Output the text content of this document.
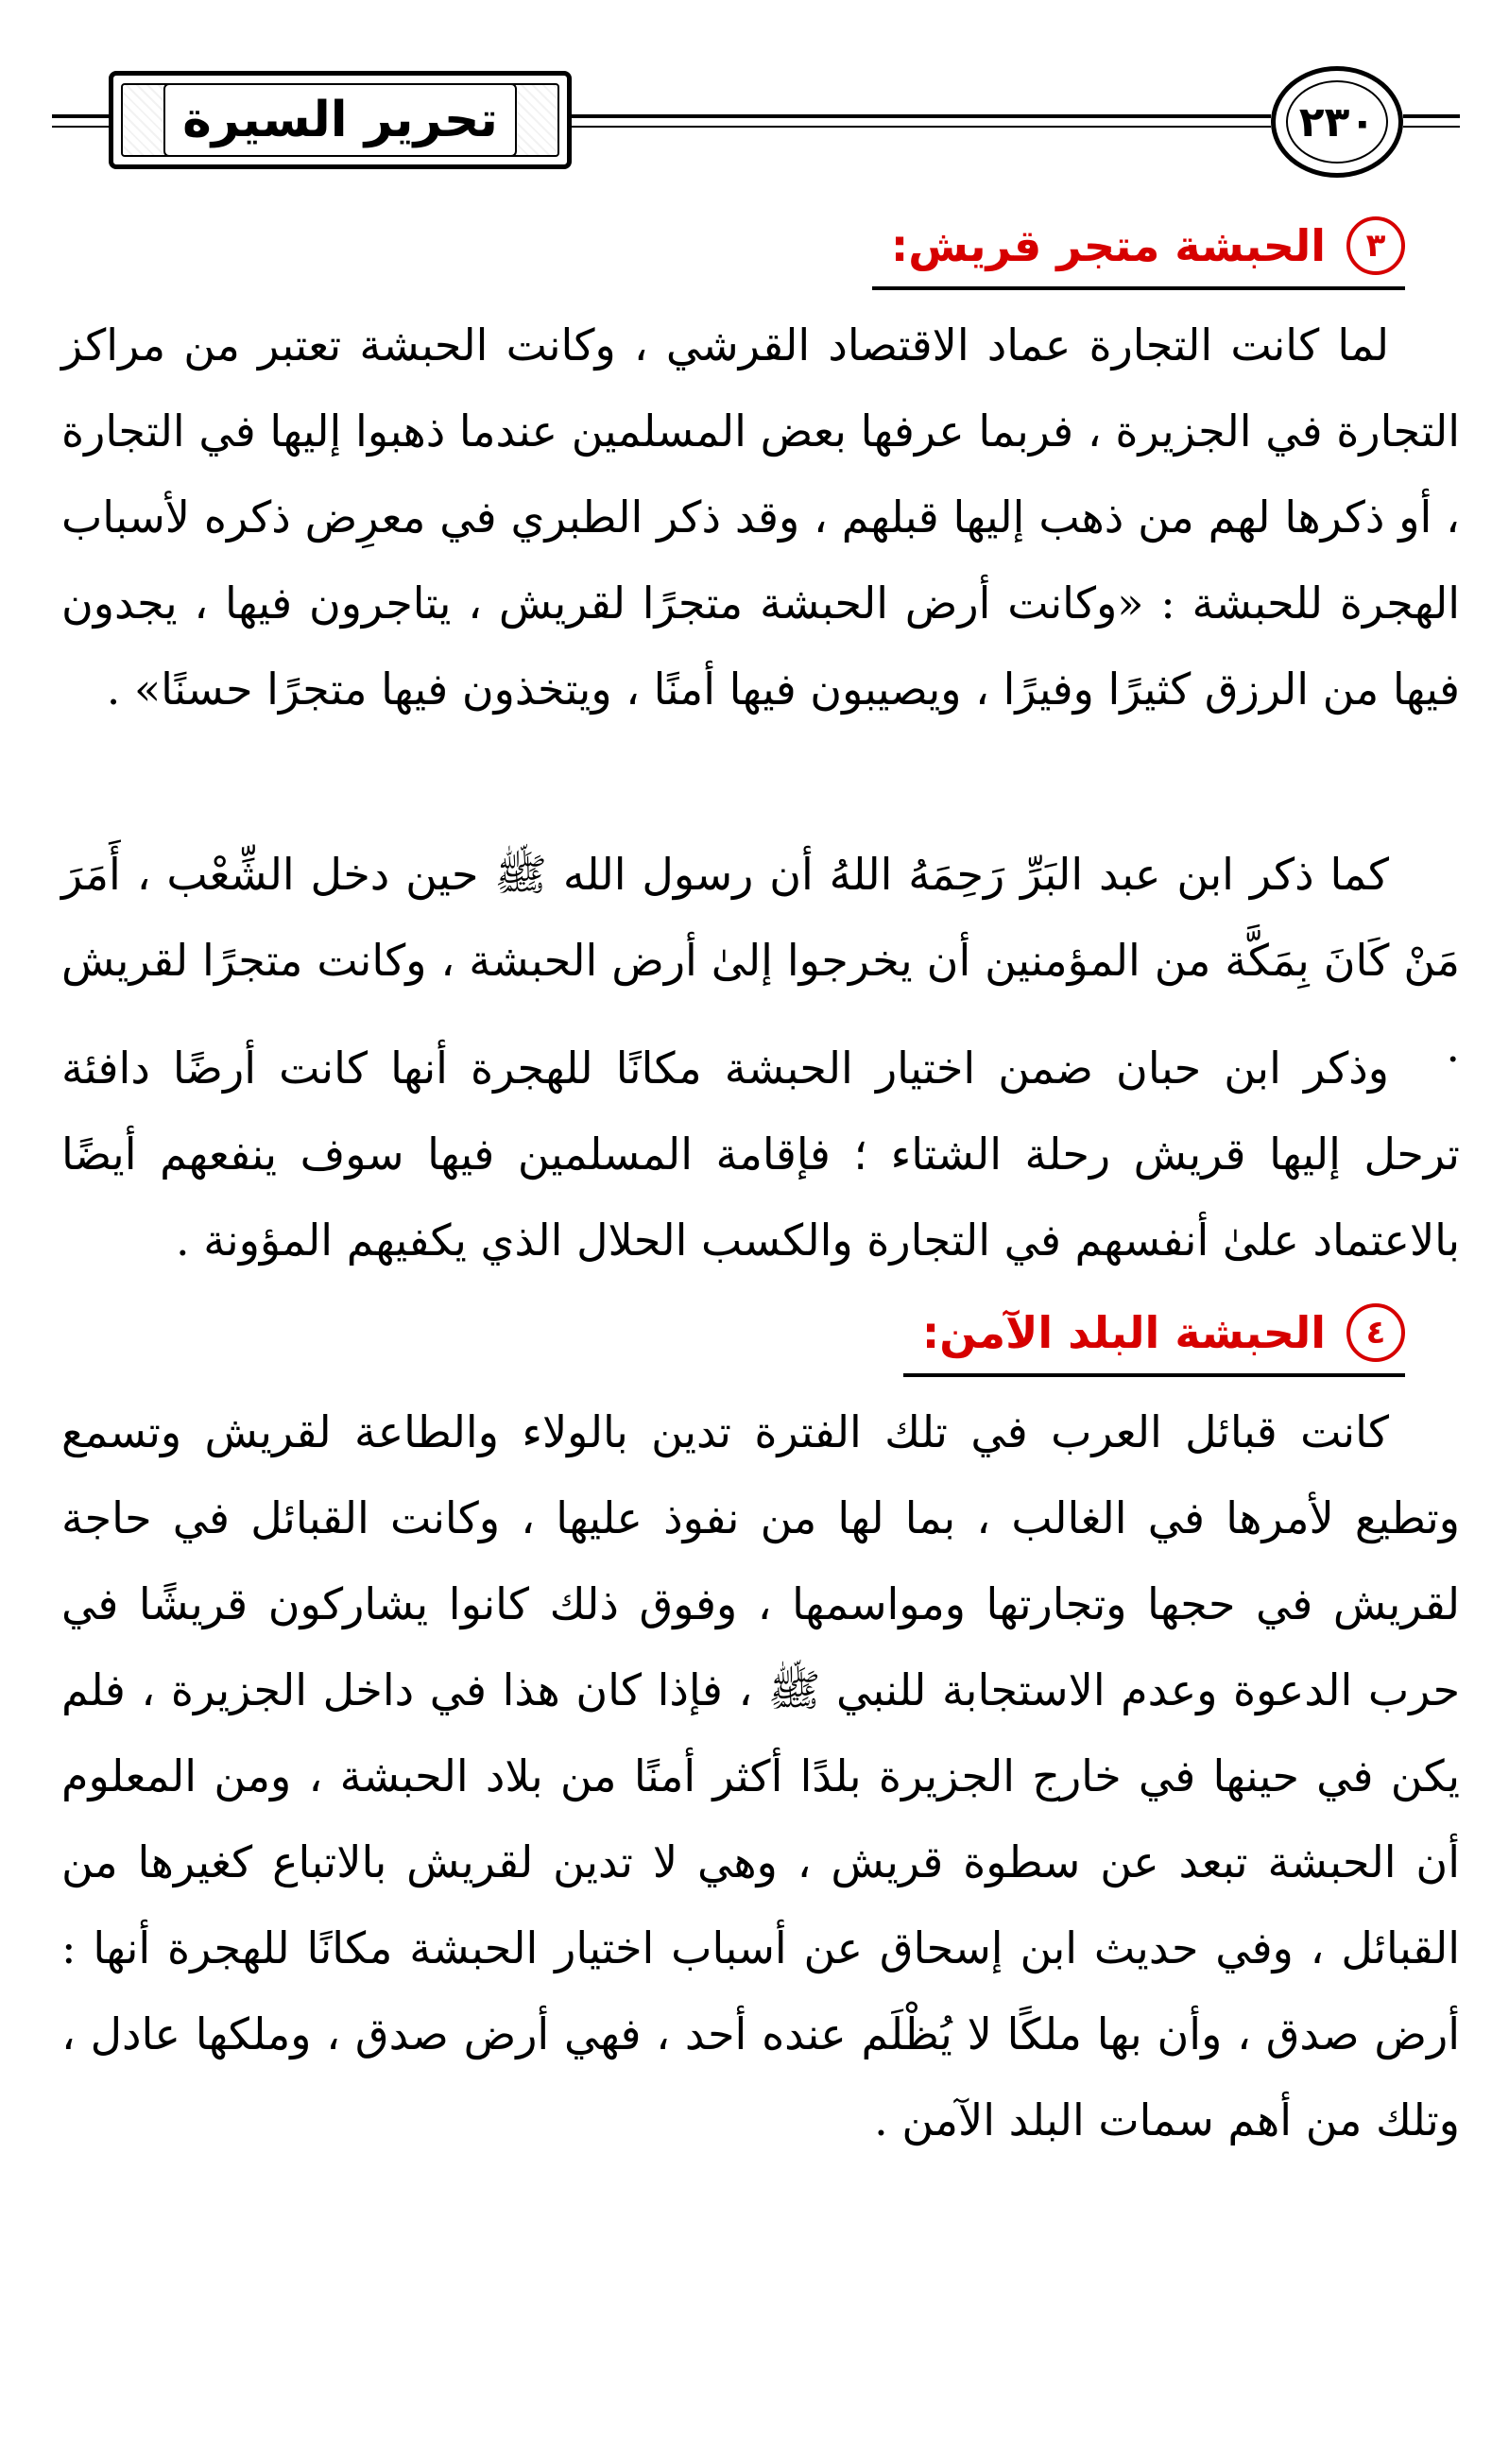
تحرير السيرة	٢٣٠
٣
الحبشة متجر قريش:

لما كانت التجارة عماد الاقتصاد القرشي ، وكانت الحبشة تعتبر من مراكز التجارة في الجزيرة ، فربما عرفها بعض المسلمين عندما ذهبوا إليها في التجارة ، أو ذكرها لهم من ذهب إليها قبلهم ، وقد ذكر الطبري في معرِض ذكره لأسباب الهجرة للحبشة : «وكانت أرض الحبشة متجرًا لقريش ، يتاجرون فيها ، يجدون فيها من الرزق كثيرًا وفيرًا ، ويصيبون فيها أمنًا ، ويتخذون فيها متجرًا حسنًا» .

كما ذكر ابن عبد البَرِّ رَحِمَهُ اللهُ أن رسول الله ﷺ حين دخل الشِّعْب ، أَمَرَ مَنْ كَانَ بِمَكَّة من المؤمنين أن يخرجوا إلىٰ أرض الحبشة ، وكانت متجرًا لقريش .

وذكر ابن حبان ضمن اختيار الحبشة مكانًا للهجرة أنها كانت أرضًا دافئة ترحل إليها قريش رحلة الشتاء ؛ فإقامة المسلمين فيها سوف ينفعهم أيضًا بالاعتماد علىٰ أنفسهم في التجارة والكسب الحلال الذي يكفيهم المؤونة .

٤
الحبشة البلد الآمن:

كانت قبائل العرب في تلك الفترة تدين بالولاء والطاعة لقريش وتسمع وتطيع لأمرها في الغالب ، بما لها من نفوذ عليها ، وكانت القبائل في حاجة لقريش في حجها وتجارتها ومواسمها ، وفوق ذلك كانوا يشاركون قريشًا في حرب الدعوة وعدم الاستجابة للنبي ﷺ ، فإذا كان هذا في داخل الجزيرة ، فلم يكن في حينها في خارج الجزيرة بلدًا أكثر أمنًا من بلاد الحبشة ، ومن المعلوم أن الحبشة تبعد عن سطوة قريش ، وهي لا تدين لقريش بالاتباع كغيرها من القبائل ، وفي حديث ابن إسحاق عن أسباب اختيار الحبشة مكانًا للهجرة أنها : أرض صدق ، وأن بها ملكًا لا يُظْلَم عنده أحد ، فهي أرض صدق ، وملكها عادل ، وتلك من أهم سمات البلد الآمن .
